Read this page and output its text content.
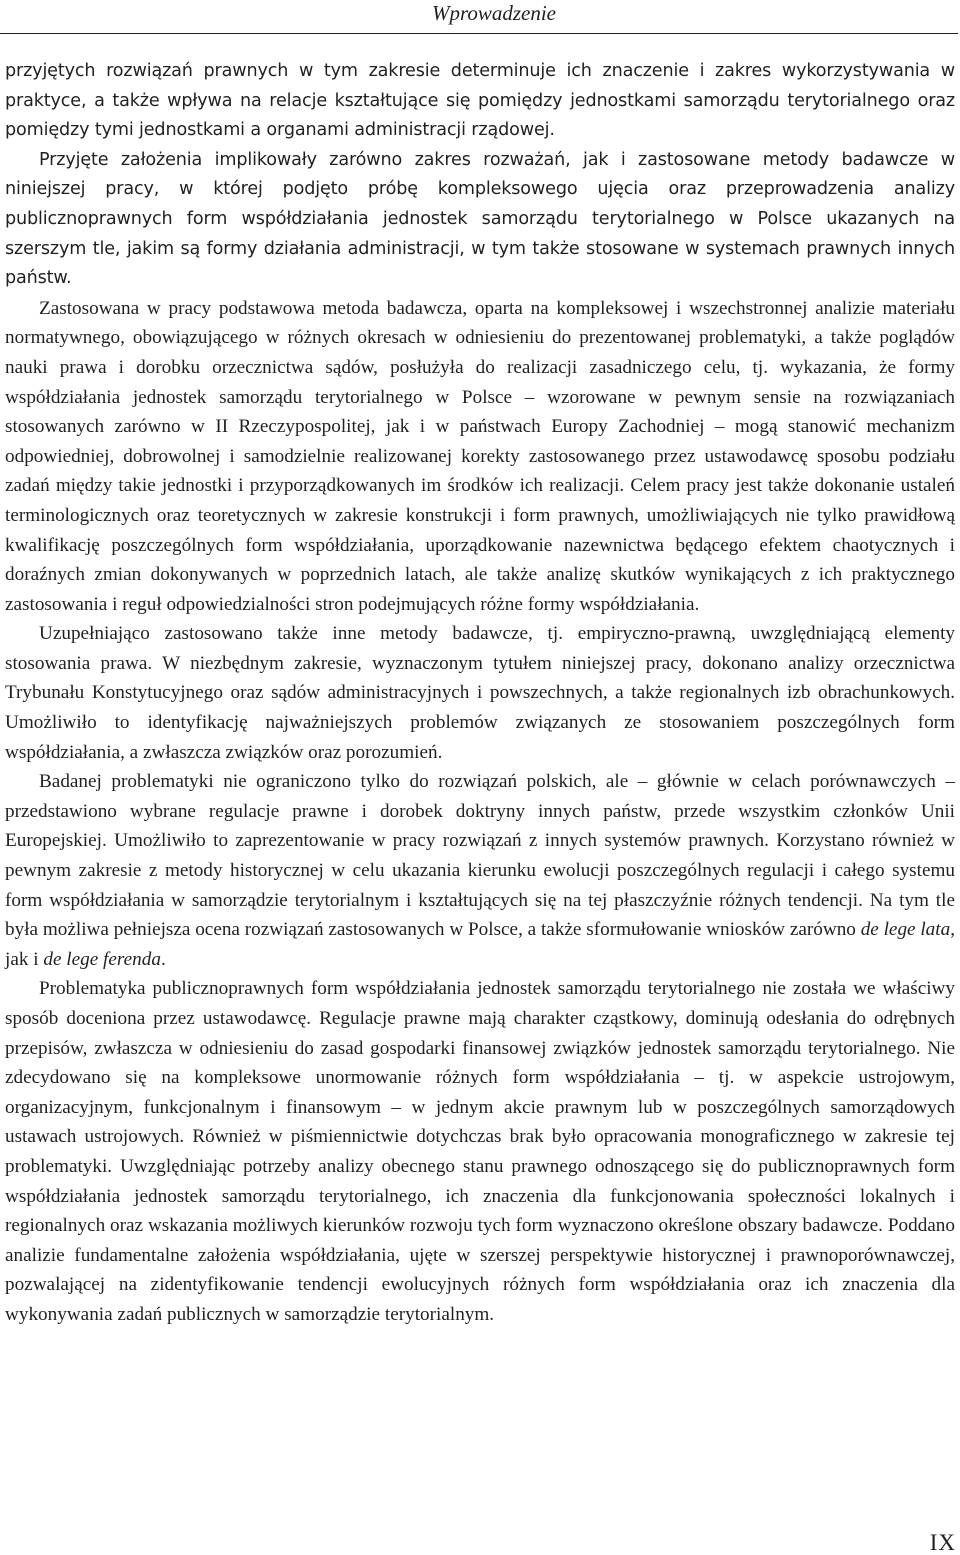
Wprowadzenie

przyjętych rozwiązań prawnych w tym zakresie determinuje ich znaczenie i zakres wykorzystywania w praktyce, a także wpływa na relacje kształtujące się pomiędzy jednostkami samorządu terytorialnego oraz pomiędzy tymi jednostkami a organami administracji rządowej.

Przyjęte założenia implikowały zarówno zakres rozważań, jak i zastosowane metody badawcze w niniejszej pracy, w której podjęto próbę kompleksowego ujęcia oraz przeprowadzenia analizy publicznoprawnych form współdziałania jednostek samorządu terytorialnego w Polsce ukazanych na szerszym tle, jakim są formy działania administracji, w tym także stosowane w systemach prawnych innych państw.

Zastosowana w pracy podstawowa metoda badawcza, oparta na kompleksowej i wszechstronnej analizie materiału normatywnego, obowiązującego w różnych okresach w odniesieniu do prezentowanej problematyki, a także poglądów nauki prawa i dorobku orzecznictwa sądów, posłużyła do realizacji zasadniczego celu, tj. wykazania, że formy współdziałania jednostek samorządu terytorialnego w Polsce – wzorowane w pewnym sensie na rozwiązaniach stosowanych zarówno w II Rzeczypospolitej, jak i w państwach Europy Zachodniej – mogą stanowić mechanizm odpowiedniej, dobrowolnej i samodzielnie realizowanej korekty zastosowanego przez ustawodawcę sposobu podziału zadań między takie jednostki i przyporządkowanych im środków ich realizacji. Celem pracy jest także dokonanie ustaleń terminologicznych oraz teoretycznych w zakresie konstrukcji i form prawnych, umożliwiających nie tylko prawidłową kwalifikację poszczególnych form współdziałania, uporządkowanie nazewnictwa będącego efektem chaotycznych i doraźnych zmian dokonywanych w poprzednich latach, ale także analizę skutków wynikających z ich praktycznego zastosowania i reguł odpowiedzialności stron podejmujących różne formy współdziałania.

Uzupełniająco zastosowano także inne metody badawcze, tj. empiryczno-prawną, uwzględniającą elementy stosowania prawa. W niezbędnym zakresie, wyznaczonym tytułem niniejszej pracy, dokonano analizy orzecznictwa Trybunału Konstytucyjnego oraz sądów administracyjnych i powszechnych, a także regionalnych izb obrachunkowych. Umożliwiło to identyfikację najważniejszych problemów związanych ze stosowaniem poszczególnych form współdziałania, a zwłaszcza związków oraz porozumień.

Badanej problematyki nie ograniczono tylko do rozwiązań polskich, ale – głównie w celach porównawczych – przedstawiono wybrane regulacje prawne i dorobek doktryny innych państw, przede wszystkim członków Unii Europejskiej. Umożliwiło to zaprezentowanie w pracy rozwiązań z innych systemów prawnych. Korzystano również w pewnym zakresie z metody historycznej w celu ukazania kierunku ewolucji poszczególnych regulacji i całego systemu form współdziałania w samorządzie terytorialnym i kształtujących się na tej płaszczyźnie różnych tendencji. Na tym tle była możliwa pełniejsza ocena rozwiązań zastosowanych w Polsce, a także sformułowanie wniosków zarówno de lege lata, jak i de lege ferenda.

Problematyka publicznoprawnych form współdziałania jednostek samorządu terytorialnego nie została we właściwy sposób doceniona przez ustawodawcę. Regulacje prawne mają charakter cząstkowy, dominują odesłania do odrębnych przepisów, zwłaszcza w odniesieniu do zasad gospodarki finansowej związków jednostek samorządu terytorialnego. Nie zdecydowano się na kompleksowe unormowanie różnych form współdziałania – tj. w aspekcie ustrojowym, organizacyjnym, funkcjonalnym i finansowym – w jednym akcie prawnym lub w poszczególnych samorządowych ustawach ustrojowych. Również w piśmiennictwie dotychczas brak było opracowania monograficznego w zakresie tej problematyki. Uwzględniając potrzeby analizy obecnego stanu prawnego odnoszącego się do publicznoprawnych form współdziałania jednostek samorządu terytorialnego, ich znaczenia dla funkcjonowania społeczności lokalnych i regionalnych oraz wskazania możliwych kierunków rozwoju tych form wyznaczono określone obszary badawcze. Poddano analizie fundamentalne założenia współdziałania, ujęte w szerszej perspektywie historycznej i prawnoporównawczej, pozwalającej na zidentyfikowanie tendencji ewolucyjnych różnych form współdziałania oraz ich znaczenia dla wykonywania zadań publicznych w samorządzie terytorialnym.

IX
